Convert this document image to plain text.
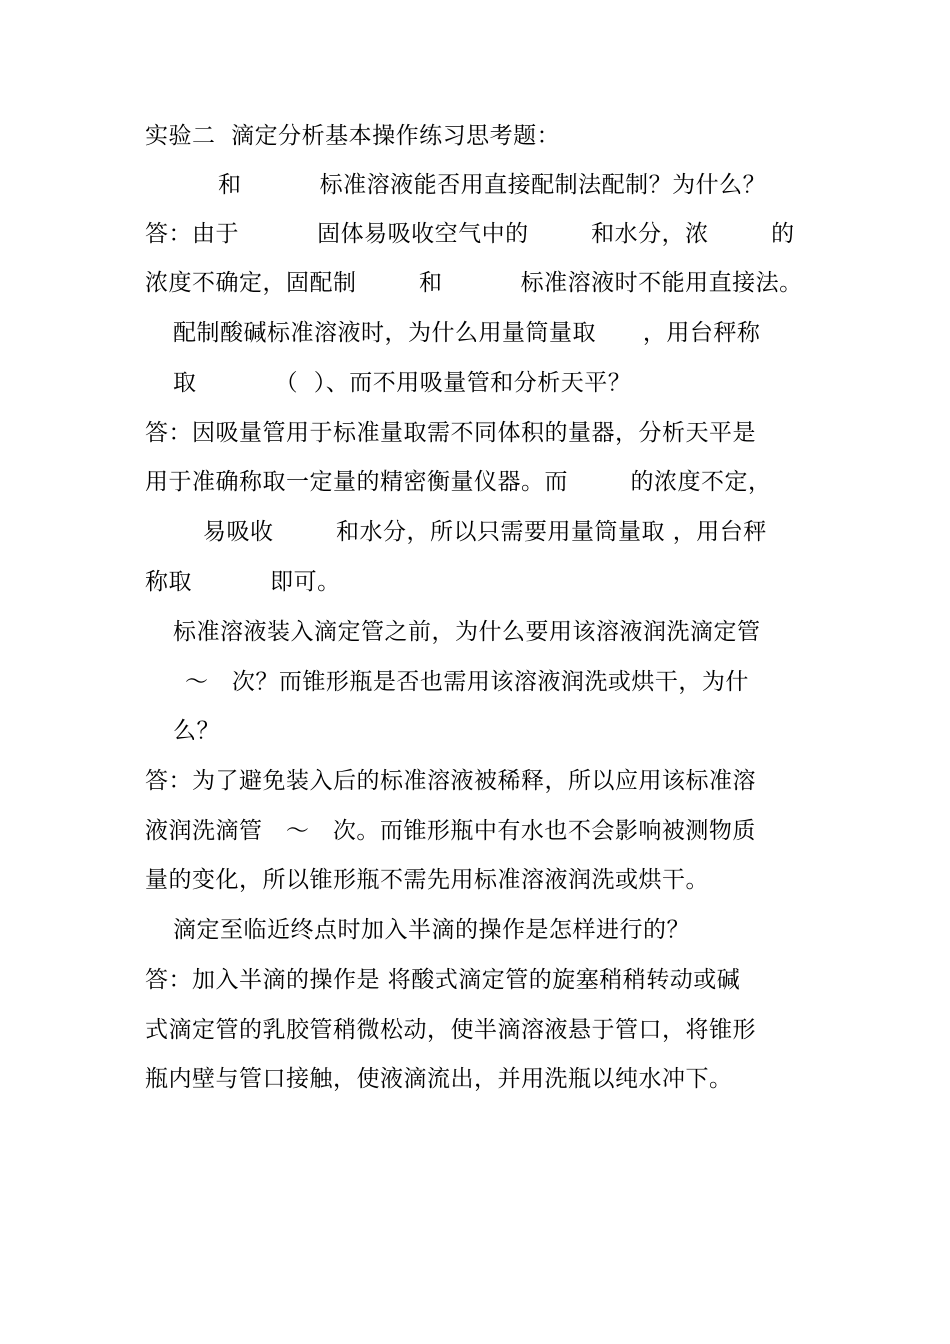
实验二  滴定分析基本操作练习思考题：
和          标准溶液能否用直接配制法配制？为什么？
答：由于          固体易吸收空气中的        和水分，浓        的
浓度不确定，固配制        和          标准溶液时不能用直接法。
配制酸碱标准溶液时，为什么用量筒量取      ，用台秤称
取          （  ）、而不用吸量管和分析天平？
答：因吸量管用于标准量取需不同体积的量器，分析天平是
用于准确称取一定量的精密衡量仪器。而        的浓度不定，
易吸收        和水分，所以只需要用量筒量取 ，用台秤
称取          即可。
标准溶液装入滴定管之前，为什么要用该溶液润洗滴定管
～   次？而锥形瓶是否也需用该溶液润洗或烘干，为什
么？
答：为了避免装入后的标准溶液被稀释，所以应用该标准溶
液润洗滴管   ～   次。而锥形瓶中有水也不会影响被测物质
量的变化，所以锥形瓶不需先用标准溶液润洗或烘干。
滴定至临近终点时加入半滴的操作是怎样进行的？
答：加入半滴的操作是 将酸式滴定管的旋塞稍稍转动或碱
式滴定管的乳胶管稍微松动，使半滴溶液悬于管口，将锥形
瓶内壁与管口接触，使液滴流出，并用洗瓶以纯水冲下。
